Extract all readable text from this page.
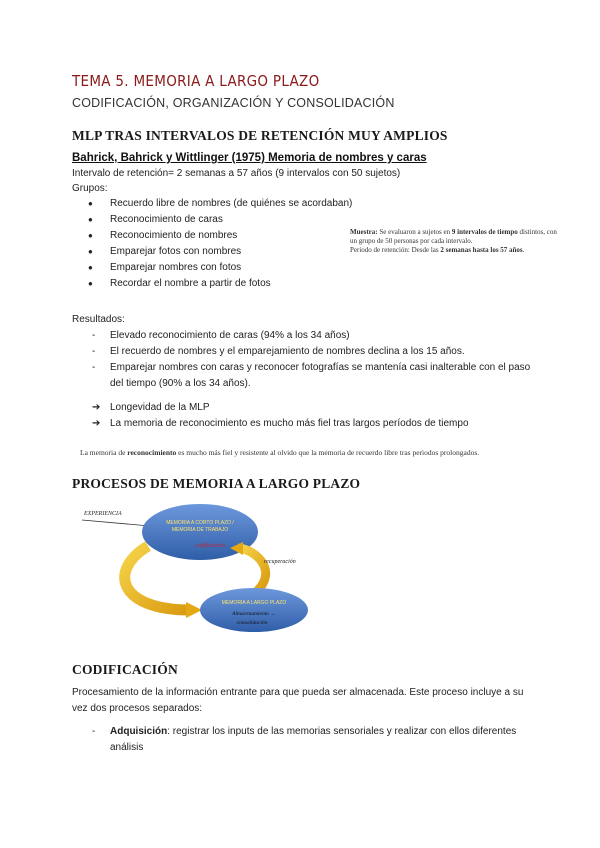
TEMA 5. MEMORIA A LARGO PLAZO
CODIFICACIÓN, ORGANIZACIÓN Y CONSOLIDACIÓN
MLP TRAS INTERVALOS DE RETENCIÓN MUY AMPLIOS
Bahrick, Bahrick y Wittlinger (1975) Memoria de nombres y caras
Intervalo de retención= 2 semanas a 57 años (9 intervalos con 50 sujetos)
Grupos:
● Recuerdo libre de nombres (de quiénes se acordaban)
● Reconocimiento de caras
● Reconocimiento de nombres
● Emparejar fotos con nombres
● Emparejar nombres con fotos
● Recordar el nombre a partir de fotos
Muestra: Se evaluaron a sujetos en 9 intervalos de tiempo distintos, con un grupo de 50 personas por cada intervalo.
Periodo de retención: Desde las 2 semanas hasta los 57 años.
Resultados:
- Elevado reconocimiento de caras (94% a los 34 años)
- El recuerdo de nombres y el emparejamiento de nombres declina a los 15 años.
- Emparejar nombres con caras y reconocer fotografías se mantenía casi inalterable con el paso del tiempo (90% a los 34 años).
➔ Longevidad de la MLP
➔ La memoria de reconocimiento es mucho más fiel tras largos períodos de tiempo
La memoria de reconocimiento es mucho más fiel y resistente al olvido que la memoria de recuerdo libre tras periodos prolongados.
PROCESOS DE MEMORIA A LARGO PLAZO
EXPERIENCIA
MEMORIA A CORTO PLAZO /
MEMORIA DE TRABAJO
codificación
recuperación
MEMORIA A LARGO PLAZO
Almacenamiento →
consolidación
CODIFICACIÓN
Procesamiento de la información entrante para que pueda ser almacenada. Este proceso incluye a su vez dos procesos separados:
-	Adquisición: registrar los inputs de las memorias sensoriales y realizar con ellos diferentes análisis
